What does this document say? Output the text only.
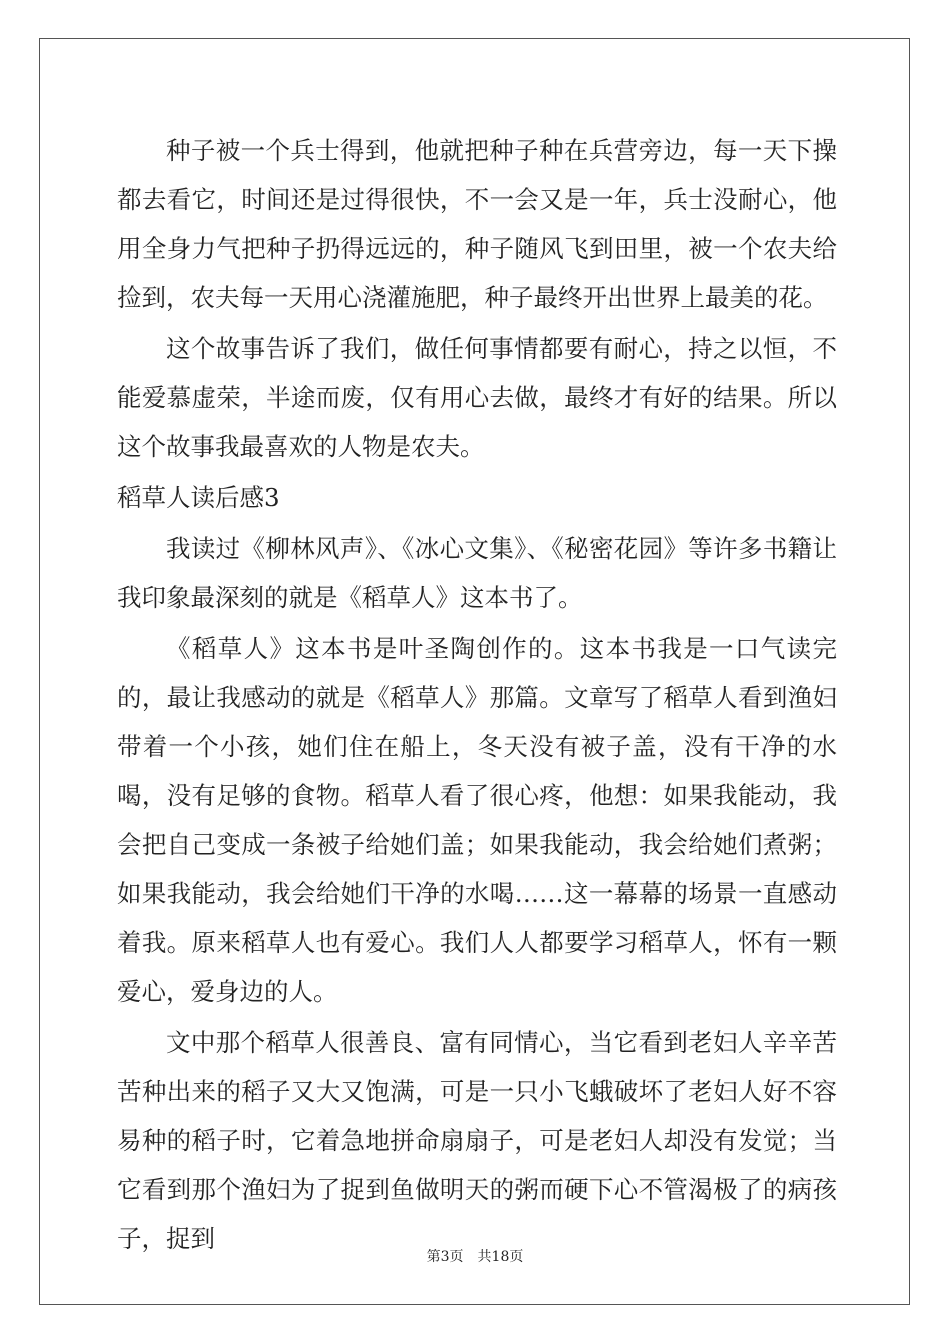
种子被一个兵士得到，他就把种子种在兵营旁边，每一天下操都去看它，时间还是过得很快，不一会又是一年，兵士没耐心，他用全身力气把种子扔得远远的，种子随风飞到田里，被一个农夫给捡到，农夫每一天用心浇灌施肥，种子最终开出世界上最美的花。

这个故事告诉了我们，做任何事情都要有耐心，持之以恒，不能爱慕虚荣，半途而废，仅有用心去做，最终才有好的结果。所以这个故事我最喜欢的人物是农夫。

稻草人读后感3

我读过《柳林风声》、《冰心文集》、《秘密花园》等许多书籍让我印象最深刻的就是《稻草人》这本书了。

《稻草人》这本书是叶圣陶创作的。这本书我是一口气读完的，最让我感动的就是《稻草人》那篇。文章写了稻草人看到渔妇带着一个小孩，她们住在船上，冬天没有被子盖，没有干净的水喝，没有足够的食物。稻草人看了很心疼，他想：如果我能动，我会把自己变成一条被子给她们盖；如果我能动，我会给她们煮粥；如果我能动，我会给她们干净的水喝……这一幕幕的场景一直感动着我。原来稻草人也有爱心。我们人人都要学习稻草人，怀有一颗爱心，爱身边的人。

文中那个稻草人很善良、富有同情心，当它看到老妇人辛辛苦苦种出来的稻子又大又饱满，可是一只小飞蛾破坏了老妇人好不容易种的稻子时，它着急地拼命扇扇子，可是老妇人却没有发觉；当它看到那个渔妇为了捉到鱼做明天的粥而硬下心不管渴极了的病孩子，捉到

第3页 共18页
